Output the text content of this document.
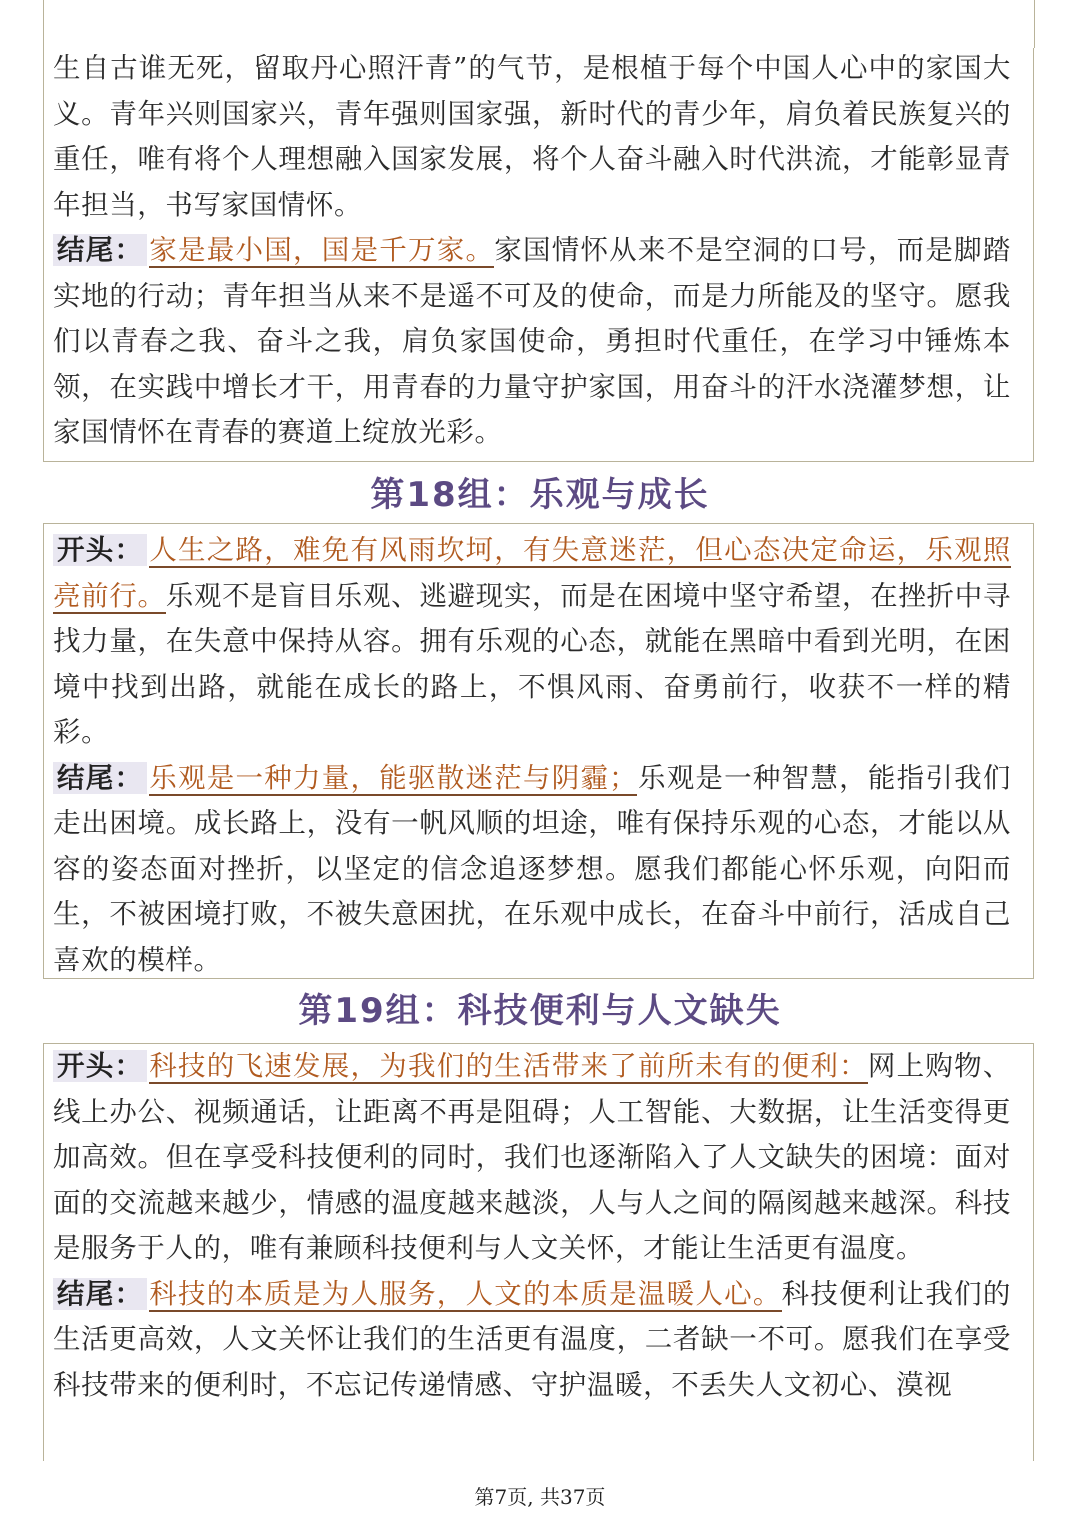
生自古谁无死，留取丹心照汗青”的气节，是根植于每个中国人心中的家国大义。青年兴则国家兴，青年强则国家强，新时代的青少年，肩负着民族复兴的重任，唯有将个人理想融入国家发展，将个人奋斗融入时代洪流，才能彰显青年担当，书写家国情怀。

结尾： 家是最小国，国是千万家。家国情怀从来不是空洞的口号，而是脚踏实地的行动；青年担当从来不是遥不可及的使命，而是力所能及的坚守。愿我们以青春之我、奋斗之我，肩负家国使命，勇担时代重任，在学习中锤炼本领，在实践中增长才干，用青春的力量守护家国，用奋斗的汗水浇灌梦想，让家国情怀在青春的赛道上绽放光彩。

第18组：乐观与成长

开头： 人生之路，难免有风雨坎坷，有失意迷茫，但心态决定命运，乐观照亮前行。乐观不是盲目乐观、逃避现实，而是在困境中坚守希望，在挫折中寻找力量，在失意中保持从容。拥有乐观的心态，就能在黑暗中看到光明，在困境中找到出路，就能在成长的路上，不惧风雨、奋勇前行，收获不一样的精彩。

结尾： 乐观是一种力量，能驱散迷茫与阴霾；乐观是一种智慧，能指引我们走出困境。成长路上，没有一帆风顺的坦途，唯有保持乐观的心态，才能以从容的姿态面对挫折，以坚定的信念追逐梦想。愿我们都能心怀乐观，向阳而生，不被困境打败，不被失意困扰，在乐观中成长，在奋斗中前行，活成自己喜欢的模样。

第19组：科技便利与人文缺失

开头： 科技的飞速发展，为我们的生活带来了前所未有的便利：网上购物、线上办公、视频通话，让距离不再是阻碍；人工智能、大数据，让生活变得更加高效。但在享受科技便利的同时，我们也逐渐陷入了人文缺失的困境：面对面的交流越来越少，情感的温度越来越淡，人与人之间的隔阂越来越深。科技是服务于人的，唯有兼顾科技便利与人文关怀，才能让生活更有温度。

结尾： 科技的本质是为人服务，人文的本质是温暖人心。科技便利让我们的生活更高效，人文关怀让我们的生活更有温度，二者缺一不可。愿我们在享受科技带来的便利时，不忘记传递情感、守护温暖，不丢失人文初心、漠视

第7页, 共37页
